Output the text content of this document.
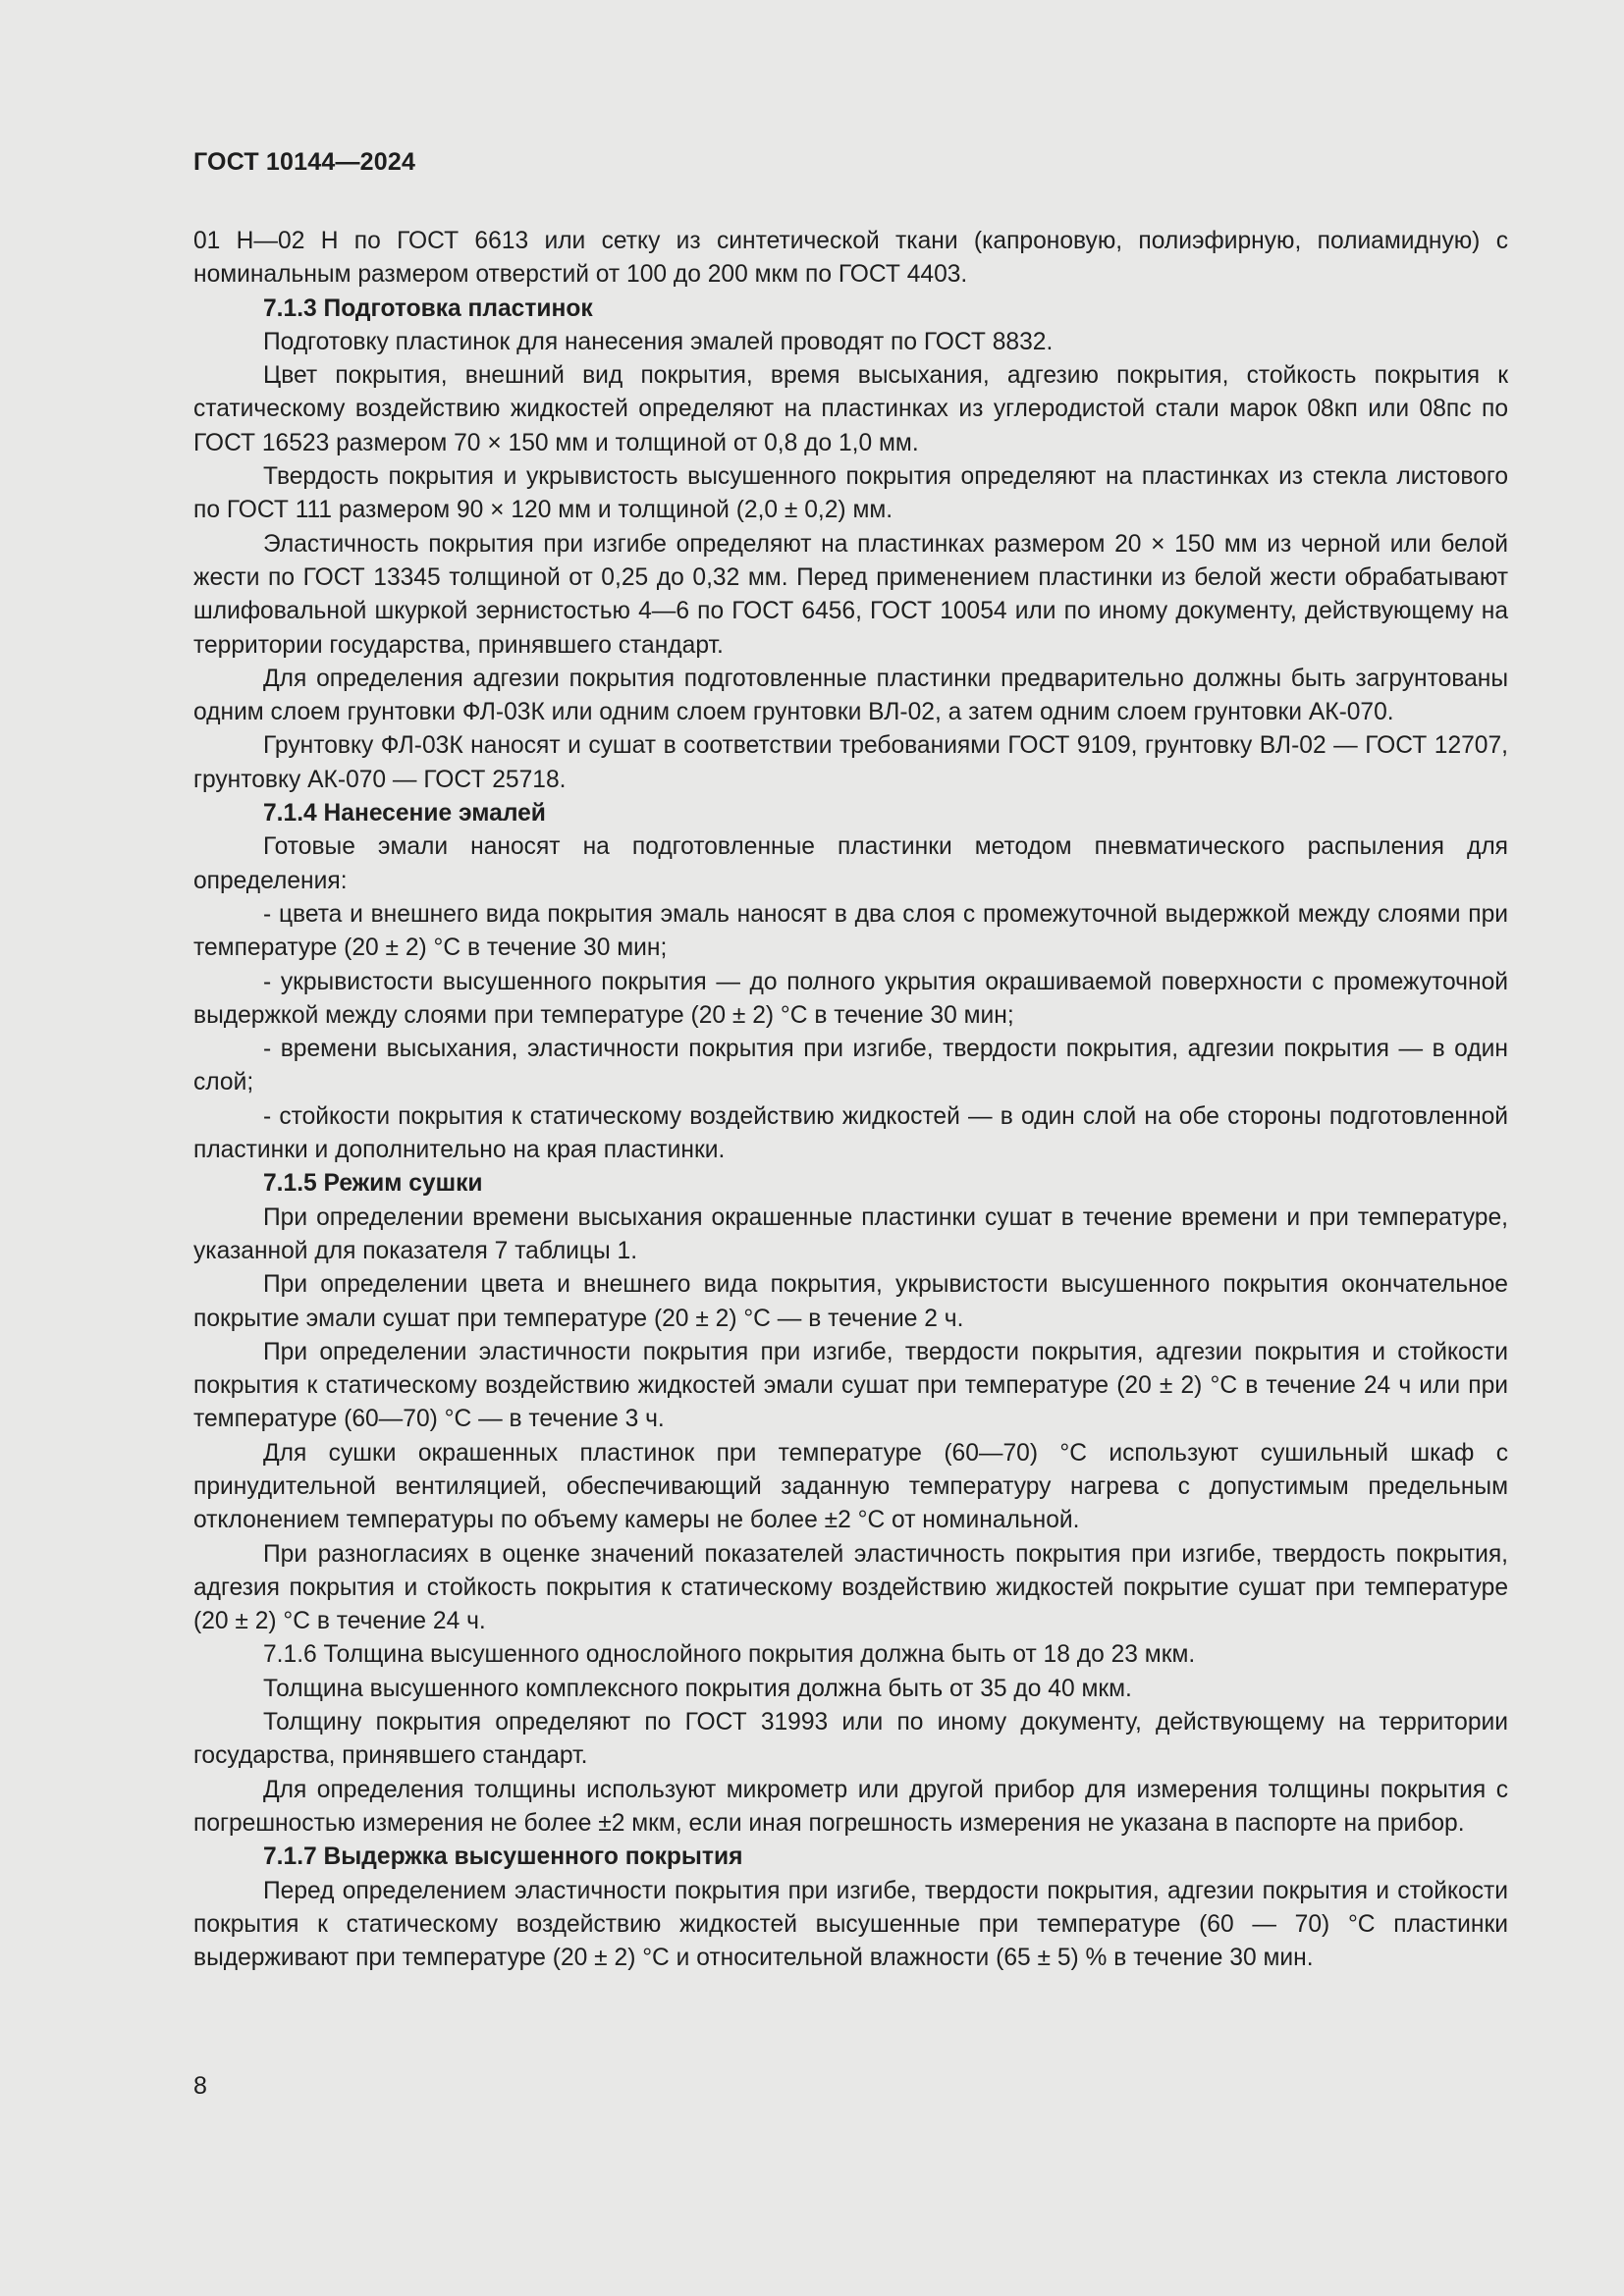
ГОСТ 10144—2024

01 Н—02 Н по ГОСТ 6613 или сетку из синтетической ткани (капроновую, полиэфирную, полиамидную) с номинальным размером отверстий от 100 до 200 мкм по ГОСТ 4403.

7.1.3 Подготовка пластинок

Подготовку пластинок для нанесения эмалей проводят по ГОСТ 8832.

Цвет покрытия, внешний вид покрытия, время высыхания, адгезию покрытия, стойкость покрытия к статическому воздействию жидкостей определяют на пластинках из углеродистой стали марок 08кп или 08пс по ГОСТ 16523 размером 70 × 150 мм и толщиной от 0,8 до 1,0 мм.

Твердость покрытия и укрывистость высушенного покрытия определяют на пластинках из стекла листового по ГОСТ 111 размером 90 × 120 мм и толщиной (2,0 ± 0,2) мм.

Эластичность покрытия при изгибе определяют на пластинках размером 20 × 150 мм из черной или белой жести по ГОСТ 13345 толщиной от 0,25 до 0,32 мм. Перед применением пластинки из белой жести обрабатывают шлифовальной шкуркой зернистостью 4—6 по ГОСТ 6456, ГОСТ 10054 или по иному документу, действующему на территории государства, принявшего стандарт.

Для определения адгезии покрытия подготовленные пластинки предварительно должны быть загрунтованы одним слоем грунтовки ФЛ-03К или одним слоем грунтовки ВЛ-02, а затем одним слоем грунтовки АК-070.

Грунтовку ФЛ-03К наносят и сушат в соответствии требованиями ГОСТ 9109, грунтовку ВЛ-02 — ГОСТ 12707, грунтовку АК-070 — ГОСТ 25718.

7.1.4 Нанесение эмалей

Готовые эмали наносят на подготовленные пластинки методом пневматического распыления для определения:

- цвета и внешнего вида покрытия эмаль наносят в два слоя с промежуточной выдержкой между слоями при температуре (20 ± 2) °С в течение 30 мин;

- укрывистости высушенного покрытия — до полного укрытия окрашиваемой поверхности с промежуточной выдержкой между слоями при температуре (20 ± 2) °С в течение 30 мин;

- времени высыхания, эластичности покрытия при изгибе, твердости покрытия, адгезии покрытия — в один слой;

- стойкости покрытия к статическому воздействию жидкостей — в один слой на обе стороны подготовленной пластинки и дополнительно на края пластинки.

7.1.5 Режим сушки

При определении времени высыхания окрашенные пластинки сушат в течение времени и при температуре, указанной для показателя 7 таблицы 1.

При определении цвета и внешнего вида покрытия, укрывистости высушенного покрытия окончательное покрытие эмали сушат при температуре (20 ± 2) °С — в течение 2 ч.

При определении эластичности покрытия при изгибе, твердости покрытия, адгезии покрытия и стойкости покрытия к статическому воздействию жидкостей эмали сушат при температуре (20 ± 2) °С в течение 24 ч или при температуре (60—70) °С — в течение 3 ч.

Для сушки окрашенных пластинок при температуре (60—70) °С используют сушильный шкаф с принудительной вентиляцией, обеспечивающий заданную температуру нагрева с допустимым предельным отклонением температуры по объему камеры не более ±2 °С от номинальной.

При разногласиях в оценке значений показателей эластичность покрытия при изгибе, твердость покрытия, адгезия покрытия и стойкость покрытия к статическому воздействию жидкостей покрытие сушат при температуре (20 ± 2) °С в течение 24 ч.

7.1.6 Толщина высушенного однослойного покрытия должна быть от 18 до 23 мкм.

Толщина высушенного комплексного покрытия должна быть от 35 до 40 мкм.

Толщину покрытия определяют по ГОСТ 31993 или по иному документу, действующему на территории государства, принявшего стандарт.

Для определения толщины используют микрометр или другой прибор для измерения толщины покрытия с погрешностью измерения не более ±2 мкм, если иная погрешность измерения не указана в паспорте на прибор.

7.1.7 Выдержка высушенного покрытия

Перед определением эластичности покрытия при изгибе, твердости покрытия, адгезии покрытия и стойкости покрытия к статическому воздействию жидкостей высушенные при температуре (60 — 70) °С пластинки выдерживают при температуре (20 ± 2) °С и относительной влажности (65 ± 5) % в течение 30 мин.

8
